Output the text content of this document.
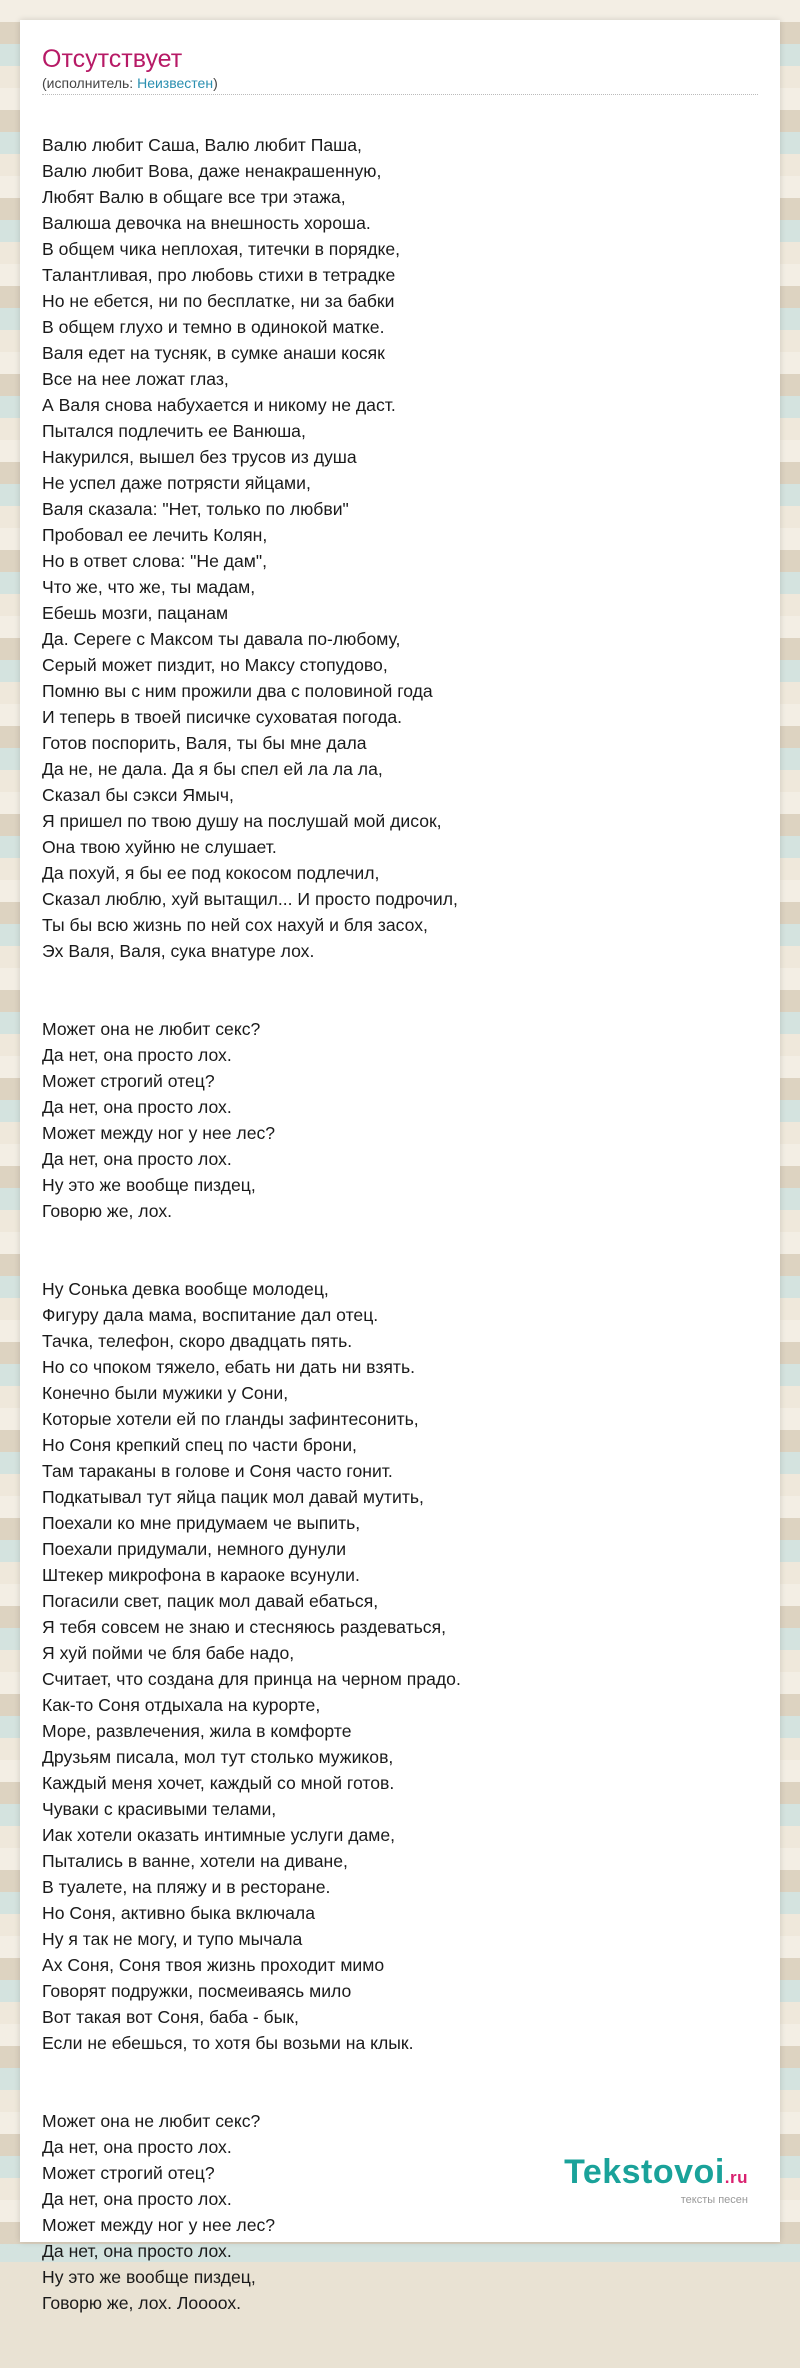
Отсутствует
(исполнитель: Неизвестен)

Валю любит Саша, Валю любит Паша,
Валю любит Вова, даже ненакрашенную,
Любят Валю в общаге все три этажа,
Валюша девочка на внешность хороша.
В общем чика неплохая, титечки в порядке,
Талантливая, про любовь стихи в тетрадке
Но не ебется, ни по бесплатке, ни за бабки
В общем глухо и темно в одинокой матке.
Валя едет на тусняк, в сумке анаши косяк
Все на нее ложат глаз,
А Валя снова набухается и никому не даст.
Пытался подлечить ее Ванюша,
Накурился, вышел без трусов из душа
Не успел даже потрясти яйцами,
Валя сказала: "Нет, только по любви"
Пробовал ее лечить Колян,
Но в ответ слова: "Не дам",
Что же, что же, ты мадам,
Ебешь мозги, пацанам
Да. Сереге с Максом ты давала по-любому,
Серый может пиздит, но Максу стопудово,
Помню вы с ним прожили два с половиной года
И теперь в твоей писичке суховатая погода.
Готов поспорить, Валя, ты бы мне дала
Да не, не дала. Да я бы спел ей ла ла ла,
Сказал бы сэкси Ямыч,
Я пришел по твою душу на послушай мой дисок,
Она твою хуйню не слушает.
Да похуй, я бы ее под кокосом подлечил,
Сказал люблю, хуй вытащил... И просто подрочил,
Ты бы всю жизнь по ней сох нахуй и бля засох,
Эх Валя, Валя, сука внатуре лох.

Может она не любит секс?
Да нет, она просто лох.
Может строгий отец?
Да нет, она просто лох.
Может между ног у нее лес?
Да нет, она просто лох.
Ну это же вообще пиздец,
Говорю же, лох.

Ну Сонька девка вообще молодец,
Фигуру дала мама, воспитание дал отец.
Тачка, телефон, скоро двадцать пять.
Но со чпоком тяжело, ебать ни дать ни взять.
Конечно были мужики у Сони,
Которые хотели ей по гланды зафинтесонить,
Но Соня крепкий спец по части брони,
Там тараканы в голове и Соня часто гонит.
Подкатывал тут яйца пацик мол давай мутить,
Поехали ко мне придумаем че выпить,
Поехали придумали, немного дунули
Штекер микрофона в караоке всунули.
Погасили свет, пацик мол давай ебаться,
Я тебя совсем не знаю и стесняюсь раздеваться,
Я хуй пойми че бля бабе надо,
Считает, что создана для принца на черном прадо.
Как-то Соня отдыхала на курорте,
Море, развлечения, жила в комфорте
Друзьям писала, мол тут столько мужиков,
Каждый меня хочет, каждый со мной готов.
Чуваки с красивыми телами,
Иак хотели оказать интимные услуги даме,
Пытались в ванне, хотели на диване,
В туалете, на пляжу и в ресторане.
Но Соня, активно быка включала
Ну я так не могу, и тупо мычала
Ах Соня, Соня твоя жизнь проходит мимо
Говорят подружки, посмеиваясь мило
Вот такая вот Соня, баба - бык,
Если не ебешься, то хотя бы возьми на клык.

Может она не любит секс?
Да нет, она просто лох.
Может строгий отец?
Да нет, она просто лох.
Может между ног у нее лес?
Да нет, она просто лох.
Ну это же вообще пиздец,
Говорю же, лох. Лоооох.

Tekstovoi.ru
тексты песен
